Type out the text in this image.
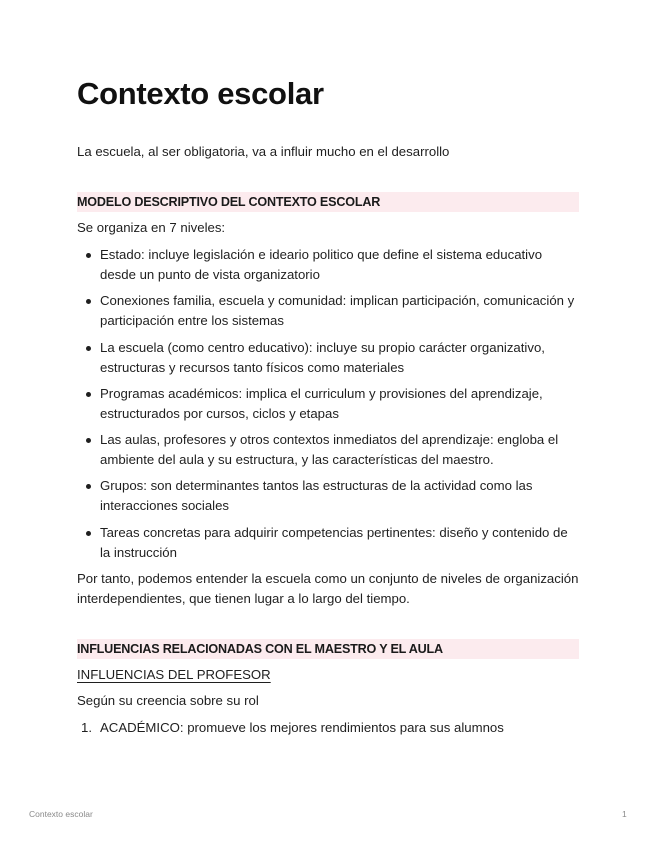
Contexto escolar

La escuela, al ser obligatoria, va a influir mucho en el desarrollo

MODELO DESCRIPTIVO DEL CONTEXTO ESCOLAR

Se organiza en 7 niveles:

Estado: incluye legislación e ideario politico que define el sistema educativo desde un punto de vista organizatorio
Conexiones familia, escuela y comunidad: implican participación, comunicación y participación entre los sistemas
La escuela (como centro educativo): incluye su propio carácter organizativo, estructuras y recursos tanto físicos como materiales
Programas académicos: implica el curriculum y provisiones del aprendizaje, estructurados por cursos, ciclos y etapas
Las aulas, profesores y otros contextos inmediatos del aprendizaje: engloba el ambiente del aula y su estructura, y las características del maestro.
Grupos: son determinantes tantos las estructuras de la actividad como las interacciones sociales
Tareas concretas para adquirir competencias pertinentes: diseño y contenido de la instrucción

Por tanto, podemos entender la escuela como un conjunto de niveles de organización interdependientes, que tienen lugar a lo largo del tiempo.

INFLUENCIAS RELACIONADAS CON EL MAESTRO Y EL AULA

INFLUENCIAS DEL PROFESOR

Según su creencia sobre su rol

1. ACADÉMICO: promueve los mejores rendimientos para sus alumnos
Contexto escolar	1
